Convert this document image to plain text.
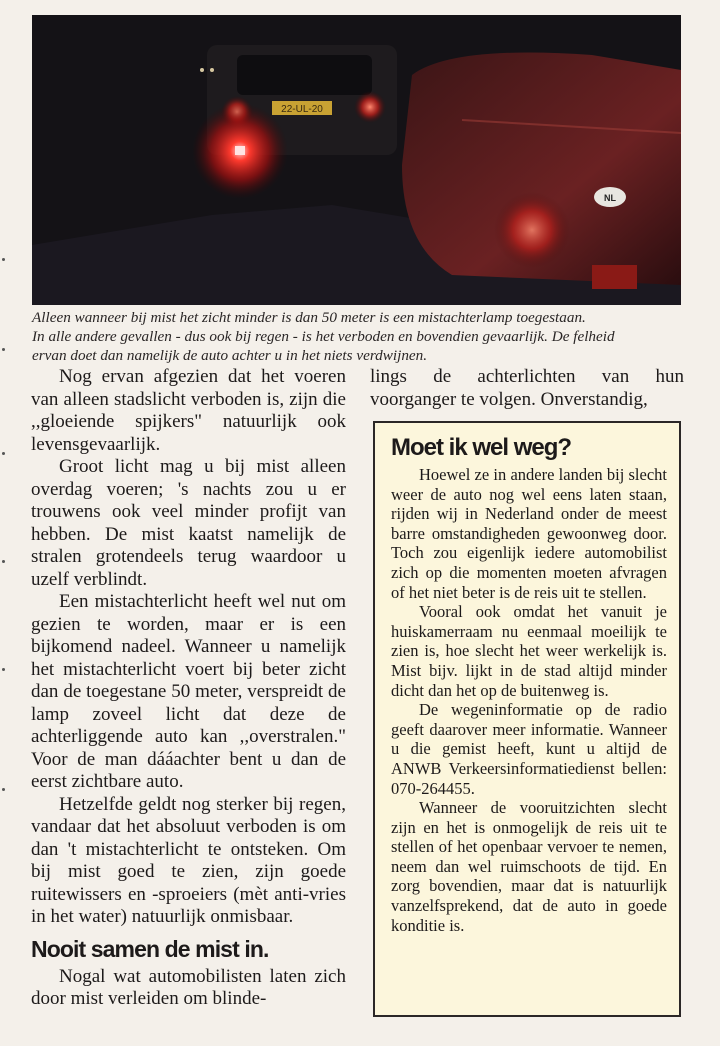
22-UL-20
NL

Alleen wanneer bij mist het zicht minder is dan 50 meter is een mistachterlamp toegestaan.

In alle andere gevallen - dus ook bij regen - is het verboden en bovendien gevaarlijk. De felheid

ervan doet dan namelijk de auto achter u in het niets verdwijnen.

Nog ervan afgezien dat het voeren van alleen stadslicht verboden is, zijn die ,,gloeiende spijkers" natuurlijk ook levensgevaarlijk.

Groot licht mag u bij mist alleen overdag voeren; 's nachts zou u er trouwens ook veel minder profijt van hebben. De mist kaatst namelijk de stralen grotendeels terug waardoor u uzelf verblindt.

Een mistachterlicht heeft wel nut om gezien te worden, maar er is een bijkomend nadeel. Wanneer u namelijk het mistachterlicht voert bij beter zicht dan de toegestane 50 meter, verspreidt de lamp zoveel licht dat deze de achterliggende auto kan ,,overstralen." Voor de man dááachter bent u dan de eerst zichtbare auto.

Hetzelfde geldt nog sterker bij regen, vandaar dat het absoluut verboden is om dan 't mistachterlicht te ontsteken. Om bij mist goed te zien, zijn goede ruitewissers en -sproeiers (mèt anti-vries in het water) natuurlijk onmisbaar.

Nooit samen de mist in.

Nogal wat automobilisten laten zich door mist verleiden om blinde-

lings de achterlichten van hun voorganger te volgen. Onverstandig,

Moet ik wel weg?

Hoewel ze in andere landen bij slecht weer de auto nog wel eens laten staan, rijden wij in Nederland onder de meest barre omstandigheden gewoonweg door. Toch zou eigenlijk iedere automobilist zich op die momenten moeten afvragen of het niet beter is de reis uit te stellen.

Vooral ook omdat het vanuit je huiskamerraam nu eenmaal moeilijk te zien is, hoe slecht het weer werkelijk is. Mist bijv. lijkt in de stad altijd minder dicht dan het op de buitenweg is.

De wegeninformatie op de radio geeft daarover meer informatie. Wanneer u die gemist heeft, kunt u altijd de ANWB Verkeersinformatiedienst bellen: 070-264455.

Wanneer de vooruitzichten slecht zijn en het is onmogelijk de reis uit te stellen of het openbaar vervoer te nemen, neem dan wel ruimschoots de tijd. En zorg bovendien, maar dat is natuurlijk vanzelfsprekend, dat de auto in goede konditie is.
